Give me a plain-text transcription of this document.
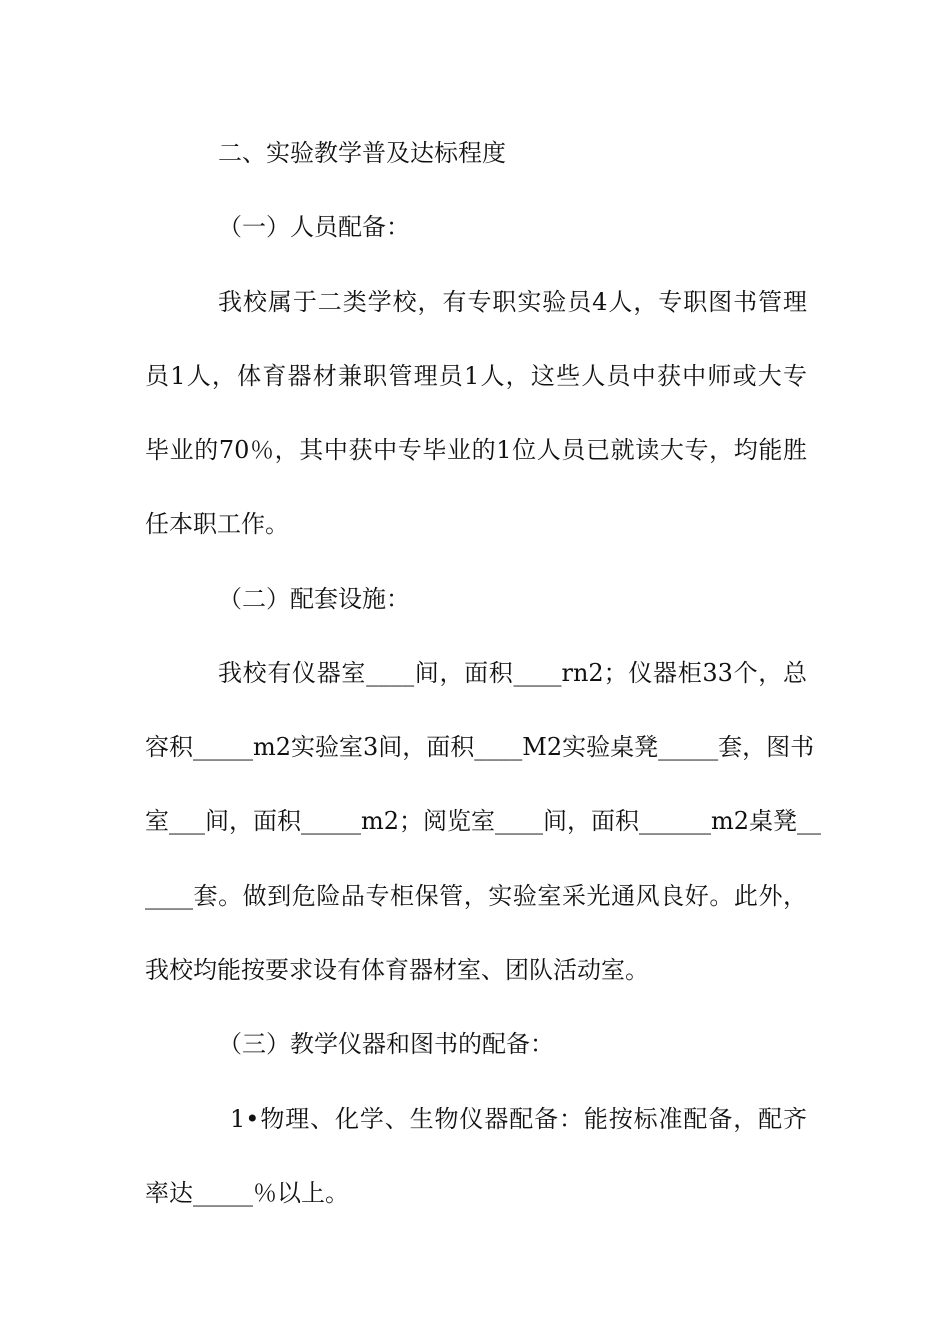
二、实验教学普及达标程度
（一）人员配备：
我校属于二类学校，有专职实验员4人，专职图书管理
员1人，体育器材兼职管理员1人，这些人员中获中师或大专
毕业的70％，其中获中专毕业的1位人员已就读大专，均能胜
任本职工作。
（二）配套设施：
我校有仪器室____间，面积____rn2；仪器柜33个，总
容积_____m2实验室3间，面积____M2实验桌凳_____套，图书
室___间，面积_____m2；阅览室____间，面积______m2桌凳__
____套。做到危险品专柜保管，实验室采光通风良好。此外，
我校均能按要求设有体育器材室、团队活动室。
（三）教学仪器和图书的配备：
1•物理、化学、生物仪器配备：能按标准配备，配齐
率达_____％以上。
